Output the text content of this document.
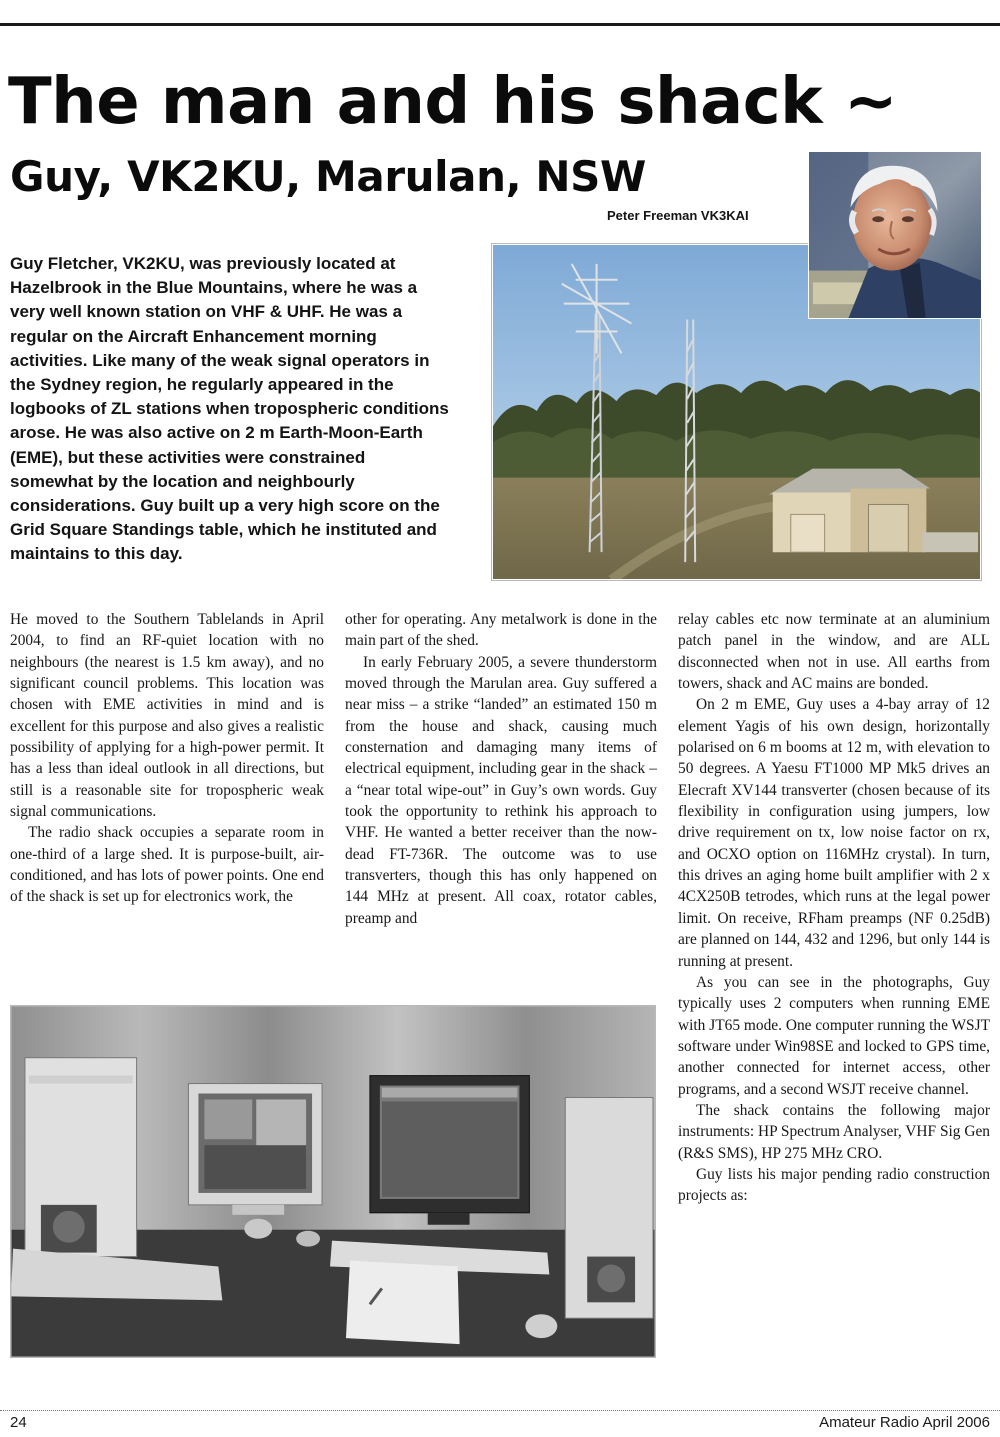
The man and his shack ~
Guy, VK2KU, Marulan, NSW
Peter Freeman VK3KAI

Guy Fletcher, VK2KU, was previously located at Hazelbrook in the Blue Mountains, where he was a very well known station on VHF & UHF. He was a regular on the Aircraft Enhancement morning activities. Like many of the weak signal operators in the Sydney region, he regularly appeared in the logbooks of ZL stations when tropospheric conditions arose. He was also active on 2 m Earth-Moon-Earth (EME), but these activities were constrained somewhat by the location and neighbourly considerations. Guy built up a very high score on the Grid Square Standings table, which he instituted and maintains to this day.

He moved to the Southern Tablelands in April 2004, to find an RF-quiet location with no neighbours (the nearest is 1.5 km away), and no significant council problems. This location was chosen with EME activities in mind and is excellent for this purpose and also gives a realistic possibility of applying for a high-power permit. It has a less than ideal outlook in all directions, but still is a reasonable site for tropospheric weak signal communications.

The radio shack occupies a separate room in one-third of a large shed. It is purpose-built, air-conditioned, and has lots of power points. One end of the shack is set up for electronics work, the

other for operating. Any metalwork is done in the main part of the shed.

In early February 2005, a severe thunderstorm moved through the Marulan area. Guy suffered a near miss – a strike “landed” an estimated 150 m from the house and shack, causing much consternation and damaging many items of electrical equipment, including gear in the shack – a “near total wipe-out” in Guy’s own words. Guy took the opportunity to rethink his approach to VHF. He wanted a better receiver than the now-dead FT-736R. The outcome was to use transverters, though this has only happened on 144 MHz at present. All coax, rotator cables, preamp and

relay cables etc now terminate at an aluminium patch panel in the window, and are ALL disconnected when not in use. All earths from towers, shack and AC mains are bonded.

On 2 m EME, Guy uses a 4-bay array of 12 element Yagis of his own design, horizontally polarised on 6 m booms at 12 m, with elevation to 50 degrees. A Yaesu FT1000 MP Mk5 drives an Elecraft XV144 transverter (chosen because of its flexibility in configuration using jumpers, low drive requirement on tx, low noise factor on rx, and OCXO option on 116MHz crystal). In turn, this drives an aging home built amplifier with 2 x 4CX250B tetrodes, which runs at the legal power limit. On receive, RFham preamps (NF 0.25dB) are planned on 144, 432 and 1296, but only 144 is running at present.

As you can see in the photographs, Guy typically uses 2 computers when running EME with JT65 mode. One computer running the WSJT software under Win98SE and locked to GPS time, another connected for internet access, other programs, and a second WSJT receive channel.

The shack contains the following major instruments: HP Spectrum Analyser, VHF Sig Gen (R&S SMS), HP 275 MHz CRO.

Guy lists his major pending radio construction projects as:

24	Amateur Radio April 2006
